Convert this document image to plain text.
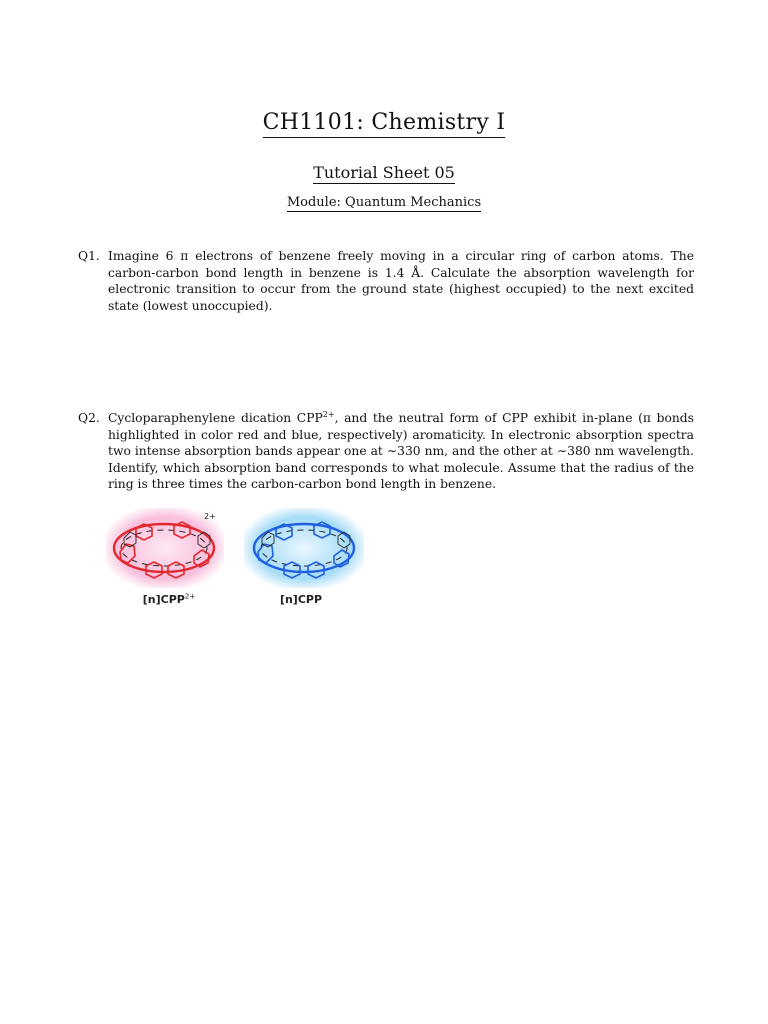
CH1101: Chemistry I
Tutorial Sheet 05
Module: Quantum Mechanics
Q1. Imagine 6 π electrons of benzene freely moving in a circular ring of carbon atoms. The carbon-carbon bond length in benzene is 1.4 Å. Calculate the absorption wavelength for electronic transition to occur from the ground state (highest occupied) to the next excited state (lowest unoccupied).
Q2. Cycloparaphenylene dication $CPP^{2+}$, and the neutral form of CPP exhibit in-plane (π bonds highlighted in color red and blue, respectively) aromaticity. In electronic absorption spectra two intense absorption bands appear one at ∼330 nm, and the other at ∼380 nm wavelength. Identify, which absorption band corresponds to what molecule. Assume that the radius of the ring is three times the carbon-carbon bond length in benzene.
2+
$[n]CPP^{2+}$	[n]CPP
